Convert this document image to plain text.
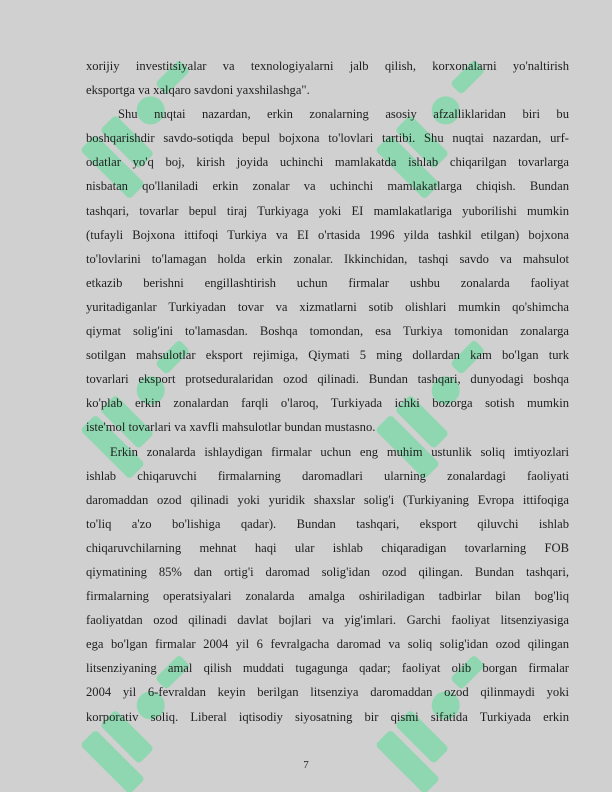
xorijiy investitsiyalar va texnologiyalarni jalb qilish, korxonalarni yo'naltirish
eksportga va xalqaro savdoni yaxshilashga".
Shu nuqtai nazardan, erkin zonalarning asosiy afzalliklaridan biri bu
boshqarishdir savdo-sotiqda bepul bojxona to'lovlari tartibi. Shu nuqtai nazardan, urf-
odatlar yo'q boj, kirish joyida uchinchi mamlakatda ishlab chiqarilgan tovarlarga
nisbatan qo'llaniladi erkin zonalar va uchinchi mamlakatlarga chiqish. Bundan
tashqari, tovarlar bepul tiraj Turkiyaga yoki EI mamlakatlariga yuborilishi mumkin
(tufayli Bojxona ittifoqi Turkiya va EI o'rtasida 1996 yilda tashkil etilgan) bojxona
to'lovlarini to'lamagan holda erkin zonalar. Ikkinchidan, tashqi savdo va mahsulot
etkazib berishni engillashtirish uchun firmalar ushbu zonalarda faoliyat
yuritadiganlar Turkiyadan tovar va xizmatlarni sotib olishlari mumkin qo'shimcha
qiymat solig'ini to'lamasdan. Boshqa tomondan, esa Turkiya tomonidan zonalarga
sotilgan mahsulotlar eksport rejimiga, Qiymati 5 ming dollardan kam bo'lgan turk
tovarlari eksport protseduralaridan ozod qilinadi. Bundan tashqari, dunyodagi boshqa
ko'plab erkin zonalardan farqli o'laroq, Turkiyada ichki bozorga sotish mumkin
iste'mol tovarlari va xavfli mahsulotlar bundan mustasno.
Erkin zonalarda ishlaydigan firmalar uchun eng muhim ustunlik soliq imtiyozlari
ishlab chiqaruvchi firmalarning daromadlari ularning zonalardagi faoliyati
daromaddan ozod qilinadi yoki yuridik shaxslar solig'i (Turkiyaning Evropa ittifoqiga
to'liq a'zo bo'lishiga qadar). Bundan tashqari, eksport qiluvchi ishlab
chiqaruvchilarning mehnat haqi ular ishlab chiqaradigan tovarlarning FOB
qiymatining 85% dan ortig'i daromad solig'idan ozod qilingan. Bundan tashqari,
firmalarning operatsiyalari zonalarda amalga oshiriladigan tadbirlar bilan bog'liq
faoliyatdan ozod qilinadi davlat bojlari va yig'imlari. Garchi faoliyat litsenziyasiga
ega bo'lgan firmalar 2004 yil 6 fevralgacha daromad va soliq solig'idan ozod qilingan
litsenziyaning amal qilish muddati tugagunga qadar; faoliyat olib borgan firmalar
2004 yil 6-fevraldan keyin berilgan litsenziya daromaddan ozod qilinmaydi yoki
korporativ soliq. Liberal iqtisodiy siyosatning bir qismi sifatida Turkiyada erkin
7
